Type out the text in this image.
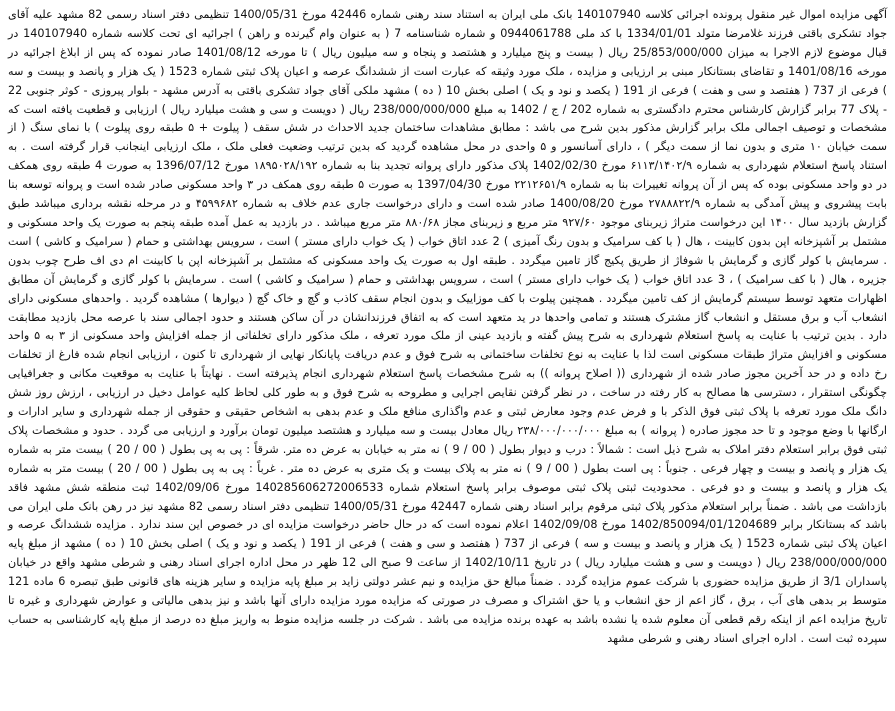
آگهی مزایده اموال غیر منقول پرونده اجرائی کلاسه 140107940 بانک ملی ایران به استناد سند رهنی شماره 42446 مورخ 1400/05/31 تنظیمی دفتر اسناد رسمی 82 مشهد علیه آقای جواد تشکری باقتی فرزند غلامرضا متولد 1334/01/01 با کد ملی 0944061788 و شماره شناسنامه 7 ( به عنوان وام گیرنده و راهن ) اجرائیه ای تحت کلاسه شماره 140107940 در قبال موضوع لازم الاجرا به میزان 25/853/000/000 ریال ( بیست و پنج میلیارد و هشتصد و پنجاه و سه میلیون ریال ) تا مورخه 1401/08/12 صادر نموده که پس از ابلاغ اجرائیه در مورخه 1401/08/16 و تقاضای بستانکار مبنی بر ارزیابی و مزایده ، ملک مورد وثیقه که عبارت است از ششدانگ عرصه و اعیان پلاک ثبتی شماره 1523 ( یک هزار و پانصد و بیست و سه ) فرعی از 737 ( هفتصد و سی و هفت ) فرعی از 191 ( یکصد و نود و یک ) اصلی بخش 10 ( ده ) مشهد ملکی آقای جواد تشکری باقتی به آدرس مشهد - بلوار پیروزی - کوثر جنوبی 22 - پلاک 77 برابر گزارش کارشناس محترم دادگستری به شماره 202 / ج / 1402 به مبلغ 238/000/000/000 ریال ( دویست و سی و هشت میلیارد ریال ) ارزیابی و قطعیت یافته است که مشخصات و توصیف اجمالی ملک برابر گزارش مذکور بدین شرح می باشد : مطابق مشاهدات ساختمان جدید الاحداث در شش سقف ( پیلوت + ۵ طبقه روی پیلوت ) با نمای سنگ ( از سمت خیابان ۱۰ متری و بدون نما از سمت دیگر ) ، دارای آسانسور و ۵ واحدی در محل مشاهده گردید که بدین ترتیب وضعیت فعلی ملک ، ملک ارزیابی اینجانب قرار گرفته است . به استناد پاسخ استعلام شهرداری به شماره ۶۱۱۳/۱۴۰۲/۹ مورخ 1402/02/30 پلاک مذکور دارای پروانه تجدید بنا به شماره ۱۸۹۵۰۲۸/۱۹۲ مورخ 1396/07/12 به صورت 4 طبقه روی همکف در دو واحد مسکونی بوده که پس از آن پروانه تغییرات بنا به شماره ۲۲۱۲۶۵۱/۹ مورخ 1397/04/30 به صورت ۵ طبقه روی همکف در ۳ واحد مسکونی صادر شده است و پروانه توسعه بنا بابت پیشروی و پیش آمدگی به شماره ۲۷۸۸۸۲۲/۹ مورخ 1400/08/20 صادر شده است و دارای درخواست جاری عدم خلاف به شماره ۴۵۹۹۶۸۲ و در مرحله نقشه برداری میباشد طبق گزارش بازدید سال ۱۴۰۰ این درخواست متراژ زیربنای موجود ۹۲۷/۶۰ متر مربع و زیربنای مجاز ۸۸۰/۶۸ متر مربع میباشد . در بازدید به عمل آمده طبقه پنجم به صورت یک واحد مسکونی و مشتمل بر آشپزخانه اپن بدون کابینت ، هال ( با کف سرامیک و بدون رنگ آمیزی ) 2 عدد اتاق خواب ( یک خواب دارای مستر ) است ، سرویس بهداشتی و حمام ( سرامیک و کاشی ) است . سرمایش با کولر گازی و گرمایش با شوفاژ از طریق پکیج گاز تامین میگردد . طبقه اول به صورت یک واحد مسکونی که مشتمل بر آشپزخانه اپن با کابینت ام دی اف طرح چوب بدون جزیره ، هال ( با کف سرامیک ) ، 3 عدد اتاق خواب ( یک خواب دارای مستر ) است ، سرویس بهداشتی و حمام ( سرامیک و کاشی ) است . سرمایش با کولر گازی و گرمایش آن مطابق اظهارات متعهد توسط سیستم گرمایش از کف تامین میگردد . همچنین پیلوت با کف موزاییک و بدون انجام سقف کاذب و گچ و خاک گچ ( دیوارها ) مشاهده گردید . واحدهای مسکونی دارای انشعاب آب و برق مستقل و انشعاب گاز مشترک هستند و تمامی واحدها در ید متعهد است که به اتفاق فرزندانشان در آن ساکن هستند و حدود اجمالی سند با عرصه محل بازدید مطابقت دارد . بدین ترتیب با عنایت به پاسخ استعلام شهرداری به شرح پیش گفته و بازدید عینی از ملک مورد تعرفه ، ملک مذکور دارای تخلفاتی از جمله افزایش واحد مسکونی از ۳ به ۵ واحد مسکونی و افزایش متراژ طبقات مسکونی است لذا با عنایت به نوع تخلفات ساختمانی به شرح فوق و عدم دریافت پایانکار نهایی از شهرداری تا کنون ، ارزیابی انجام شده فارغ از تخلفات رخ داده و در حد آخرین مجوز صادر شده از شهرداری (( اصلاح پروانه )) به شرح مشخصات پاسخ استعلام شهرداری انجام پذیرفته است . نهایتاً با عنایت به موقعیت مکانی و جغرافیایی چگونگی استقرار ، دسترسی ها مصالح به کار رفته در ساخت ، در نظر گرفتن نقایص اجرایی و مطروحه به شرح فوق و به طور کلی لحاظ کلیه عوامل دخیل در ارزیابی ، ارزش روز شش دانگ ملک مورد تعرفه با پلاک ثبتی فوق الذکر با و فرض عدم وجود معارض ثبتی و عدم واگذاری منافع ملک و عدم بدهی به اشخاص حقیقی و حقوقی از جمله شهرداری و سایر ادارات و ارگانها با وضع موجود و تا حد مجوز صادره ( پروانه ) به مبلغ ۲۳۸/۰۰۰/۰۰۰/۰۰۰ ریال معادل بیست و سه میلیارد و هشتصد میلیون تومان برآورد و ارزیابی می گردد . حدود و مشخصات پلاک ثبتی فوق برابر استعلام دفتر املاک به شرح ذیل است : شمالاً : درب و دیوار بطول ( 00 / 9 ) نه متر به خیابان به عرض ده متر. شرقاً : پی به پی بطول ( 00 / 20 ) بیست متر به شماره یک هزار و پانصد و بیست و چهار فرعی . جنوباً : پی است بطول ( 00 / 9 ) نه متر به پلاک بیست و یک متری به عرض ده متر . غرباً : پی به پی بطول ( 00 / 20 ) بیست متر به شماره یک هزار و پانصد و بیست و دو فرعی . محدودیت ثبتی پلاک ثبتی موصوف برابر پاسخ استعلام شماره 140285606272006533 مورخ 1402/09/06 ثبت منطقه شش مشهد فاقد بازداشت می باشد . ضمناً برابر استعلام مذکور پلاک ثبتی مرقوم برابر اسناد رهنی شماره 42447 مورخ 1400/05/31 تنظیمی دفتر اسناد رسمی 82 مشهد نیز در رهن بانک ملی ایران می باشد که بستانکار برابر 1402/850094/01/1204689 مورخ 1402/09/08 اعلام نموده است که در حال حاضر درخواست مزایده ای در خصوص این سند ندارد . مزایده ششدانگ عرصه و اعیان پلاک ثبتی شماره 1523 ( یک هزار و پانصد و بیست و سه ) فرعی از 737 ( هفتصد و سی و هفت ) فرعی از 191 ( یکصد و نود و یک ) اصلی بخش 10 ( ده ) مشهد از مبلغ پایه 238/000/000/000 ریال ( دویست و سی و هشت میلیارد ریال ) در تاریخ 1402/10/11 از ساعت 9 صبح الی 12 ظهر در محل اداره اجرای اسناد رهنی و شرطی مشهد واقع در خیابان پاسداران 3/1 از طریق مزایده حضوری با شرکت عموم مزایده گردد . ضمناً مبالغ حق مزایده و نیم عشر دولتی زاید بر مبلغ پایه مزایده و سایر هزینه های قانونی طبق تبصره 6 ماده 121 متوسط بر بدهی های آب ، برق ، گاز اعم از حق انشعاب و یا حق اشتراک و مصرف در صورتی که مزایده مورد مزایده دارای آنها باشد و نیز بدهی مالیاتی و عوارض شهرداری و غیره تا تاریخ مزایده اعم از اینکه رقم قطعی آن معلوم شده یا نشده باشد به عهده برنده مزایده می باشد . شرکت در جلسه مزایده منوط به واریز مبلغ ده درصد از مبلغ پایه کارشناسی به حساب سپرده ثبت است . اداره اجرای اسناد رهنی و شرطی مشهد
